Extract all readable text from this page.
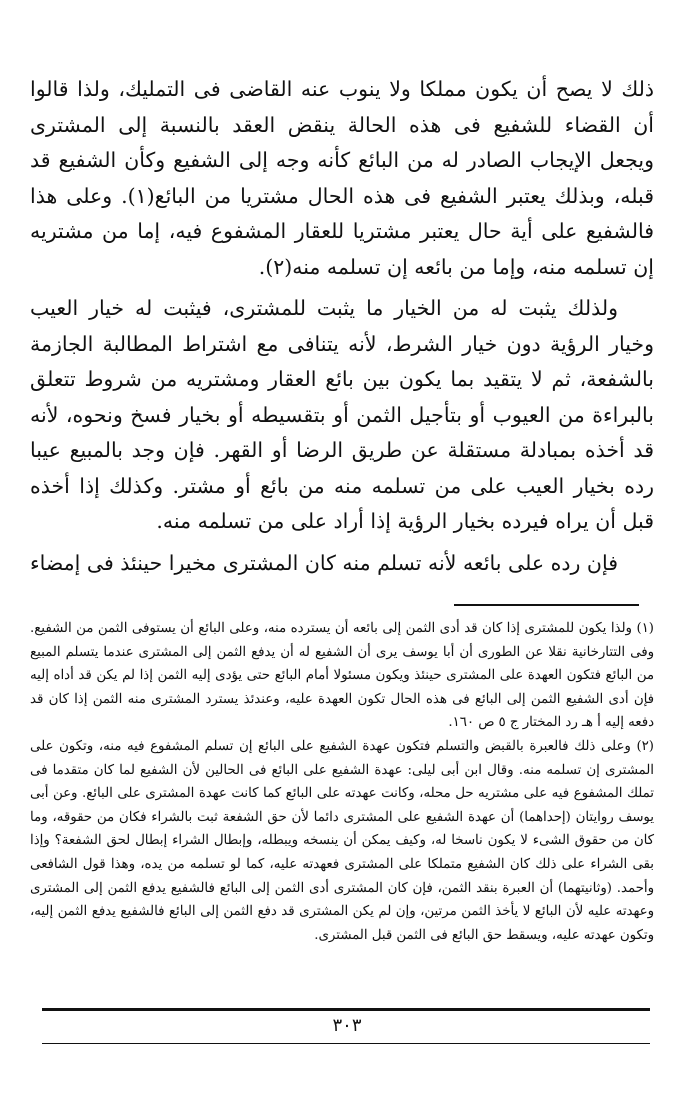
ذلك لا يصح أن يكون مملكا ولا ينوب عنه القاضى فى التمليك، ولذا قالوا أن القضاء للشفيع فى هذه الحالة ينقض العقد بالنسبة إلى المشترى ويجعل الإيجاب الصادر له من البائع كأنه وجه إلى الشفيع وكأن الشفيع قد قبله، وبذلك يعتبر الشفيع فى هذه الحال مشتريا من البائع(١). وعلى هذا فالشفيع على أية حال يعتبر مشتريا للعقار المشفوع فيه، إما من مشتريه إن تسلمه منه، وإما من بائعه إن تسلمه منه(٢).

ولذلك يثبت له من الخيار ما يثبت للمشترى، فيثبت له خيار العيب وخيار الرؤية دون خيار الشرط، لأنه يتنافى مع اشتراط المطالبة الجازمة بالشفعة، ثم لا يتقيد بما يكون بين بائع العقار ومشتريه من شروط تتعلق بالبراءة من العيوب أو بتأجيل الثمن أو بتقسيطه أو بخيار فسخ ونحوه، لأنه قد أخذه بمبادلة مستقلة عن طريق الرضا أو القهر. فإن وجد بالمبيع عيبا رده بخيار العيب على من تسلمه منه من بائع أو مشتر. وكذلك إذا أخذه قبل أن يراه فيرده بخيار الرؤية إذا أراد على من تسلمه منه.

فإن رده على بائعه لأنه تسلم منه كان المشترى مخيرا حينئذ فى إمضاء

(١) ولذا يكون للمشترى إذا كان قد أدى الثمن إلى بائعه أن يسترده منه، وعلى البائع أن يستوفى الثمن من الشفيع. وفى التتارخانية نقلا عن الطورى أن أبا يوسف يرى أن الشفيع له أن يدفع الثمن إلى المشترى عندما يتسلم المبيع من البائع فتكون العهدة على المشترى حينئذ ويكون مسئولا أمام البائع حتى يؤدى إليه الثمن إذا لم يكن قد أداه إليه فإن أدى الشفيع الثمن إلى البائع فى هذه الحال تكون العهدة عليه، وعندئذ يسترد المشترى منه الثمن إذا كان قد دفعه إليه أ هـ رد المختار ج ٥ ص ١٦٠.

(٢) وعلى ذلك فالعبرة بالقبض والتسلم فتكون عهدة الشفيع على البائع إن تسلم المشفوع فيه منه، وتكون على المشترى إن تسلمه منه. وقال ابن أبى ليلى: عهدة الشفيع على البائع فى الحالين لأن الشفيع لما كان متقدما فى تملك المشفوع فيه على مشتريه حل محله، وكانت عهدته على البائع كما كانت عهدة المشترى على البائع. وعن أبى يوسف روايتان (إحداهما) أن عهدة الشفيع على المشترى دائما لأن حق الشفعة ثبت بالشراء فكان من حقوقه، وما كان من حقوق الشىء لا يكون ناسخا له، وكيف يمكن أن ينسخه ويبطله، وإبطال الشراء إبطال لحق الشفعة؟ وإذا بقى الشراء على ذلك كان الشفيع متملكا على المشترى فعهدته عليه، كما لو تسلمه من يده، وهذا قول الشافعى وأحمد. (وثانيتهما) أن العبرة بنقد الثمن، فإن كان المشترى أدى الثمن إلى البائع فالشفيع يدفع الثمن إلى المشترى وعهدته عليه لأن البائع لا يأخذ الثمن مرتين، وإن لم يكن المشترى قد دفع الثمن إلى البائع فالشفيع يدفع الثمن إليه، وتكون عهدته عليه، ويسقط حق البائع فى الثمن قبل المشترى.

٣٠٣
